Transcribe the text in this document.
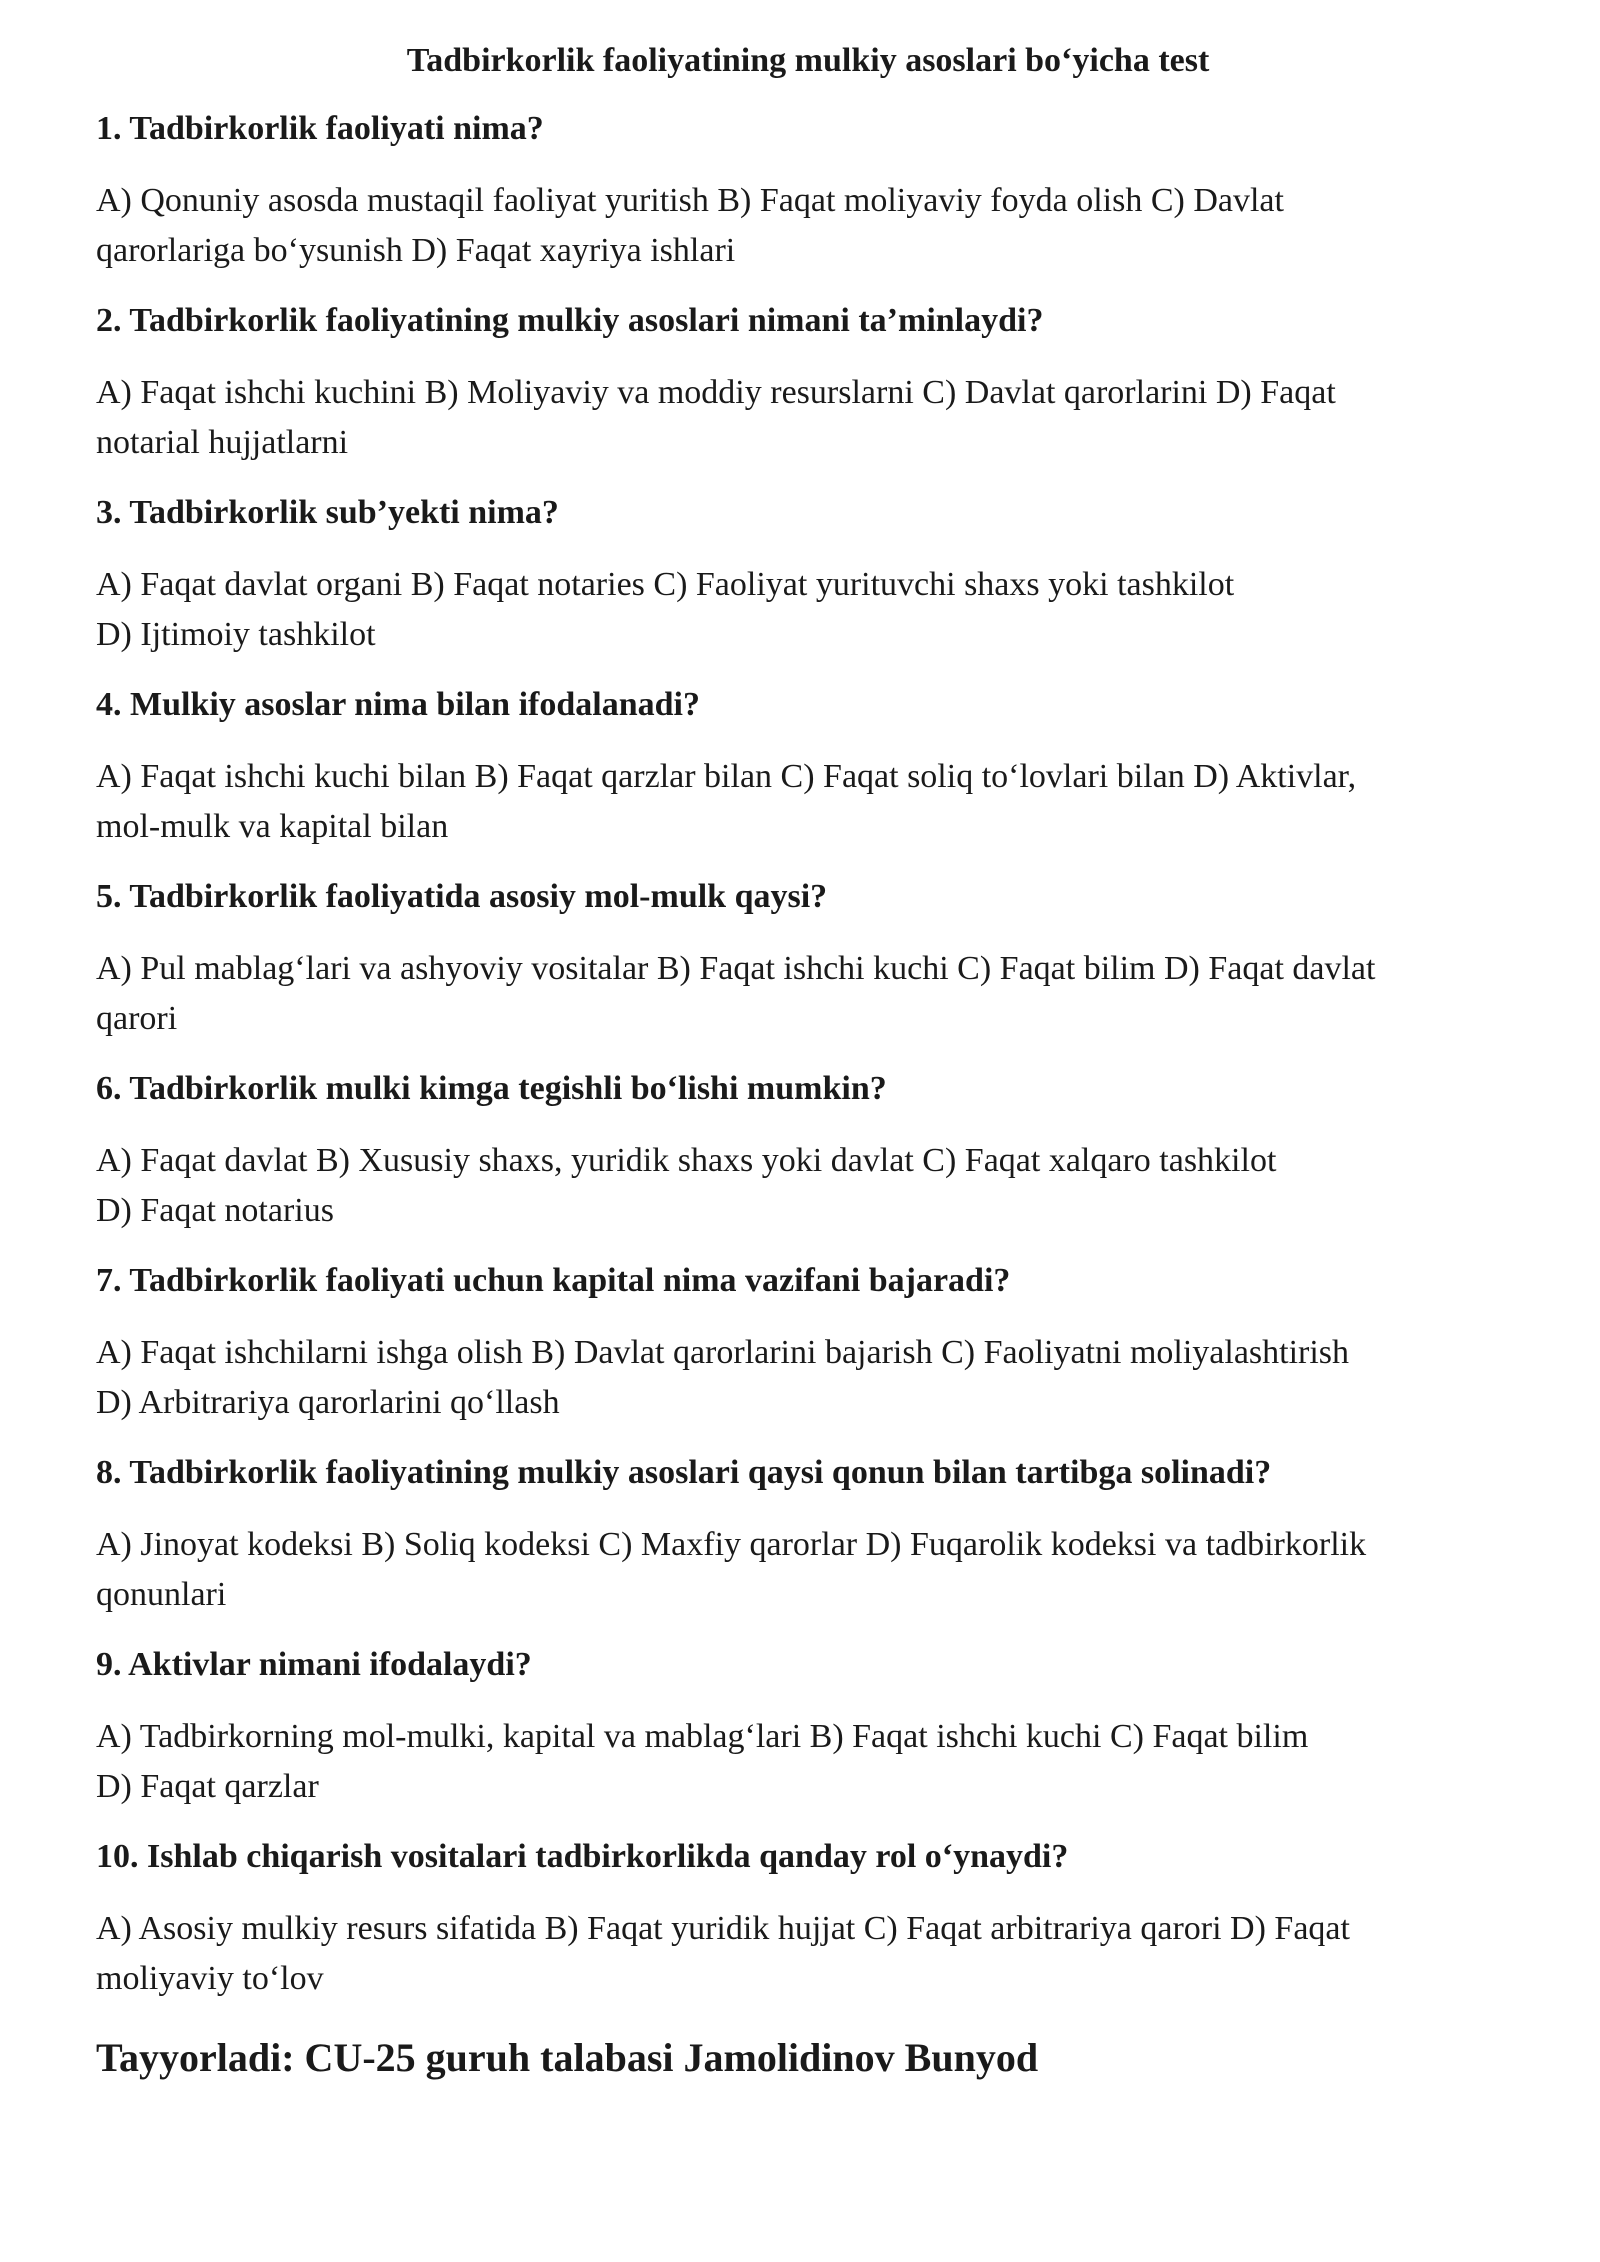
Tadbirkorlik faoliyatining mulkiy asoslari bo‘yicha test
1. Tadbirkorlik faoliyati nima?
A) Qonuniy asosda mustaqil faoliyat yuritish B) Faqat moliyaviy foyda olish C) Davlat
qarorlariga bo‘ysunish D) Faqat xayriya ishlari
2. Tadbirkorlik faoliyatining mulkiy asoslari nimani ta’minlaydi?
A) Faqat ishchi kuchini B) Moliyaviy va moddiy resurslarni C) Davlat qarorlarini D) Faqat
notarial hujjatlarni
3. Tadbirkorlik sub’yekti nima?
A) Faqat davlat organi B) Faqat notaries C) Faoliyat yurituvchi shaxs yoki tashkilot
D) Ijtimoiy tashkilot
4. Mulkiy asoslar nima bilan ifodalanadi?
A) Faqat ishchi kuchi bilan B) Faqat qarzlar bilan C) Faqat soliq to‘lovlari bilan D) Aktivlar,
mol-mulk va kapital bilan
5. Tadbirkorlik faoliyatida asosiy mol-mulk qaysi?
A) Pul mablag‘lari va ashyoviy vositalar B) Faqat ishchi kuchi C) Faqat bilim D) Faqat davlat
qarori
6. Tadbirkorlik mulki kimga tegishli bo‘lishi mumkin?
A) Faqat davlat B) Xususiy shaxs, yuridik shaxs yoki davlat C) Faqat xalqaro tashkilot
D) Faqat notarius
7. Tadbirkorlik faoliyati uchun kapital nima vazifani bajaradi?
A) Faqat ishchilarni ishga olish B) Davlat qarorlarini bajarish C) Faoliyatni moliyalashtirish
D) Arbitrariya qarorlarini qo‘llash
8. Tadbirkorlik faoliyatining mulkiy asoslari qaysi qonun bilan tartibga solinadi?
A) Jinoyat kodeksi B) Soliq kodeksi C) Maxfiy qarorlar D) Fuqarolik kodeksi va tadbirkorlik
qonunlari
9. Aktivlar nimani ifodalaydi?
A) Tadbirkorning mol-mulki, kapital va mablag‘lari B) Faqat ishchi kuchi C) Faqat bilim
D) Faqat qarzlar
10. Ishlab chiqarish vositalari tadbirkorlikda qanday rol o‘ynaydi?
A) Asosiy mulkiy resurs sifatida B) Faqat yuridik hujjat C) Faqat arbitrariya qarori D) Faqat
moliyaviy to‘lov
Tayyorladi: CU-25 guruh talabasi Jamolidinov Bunyod
